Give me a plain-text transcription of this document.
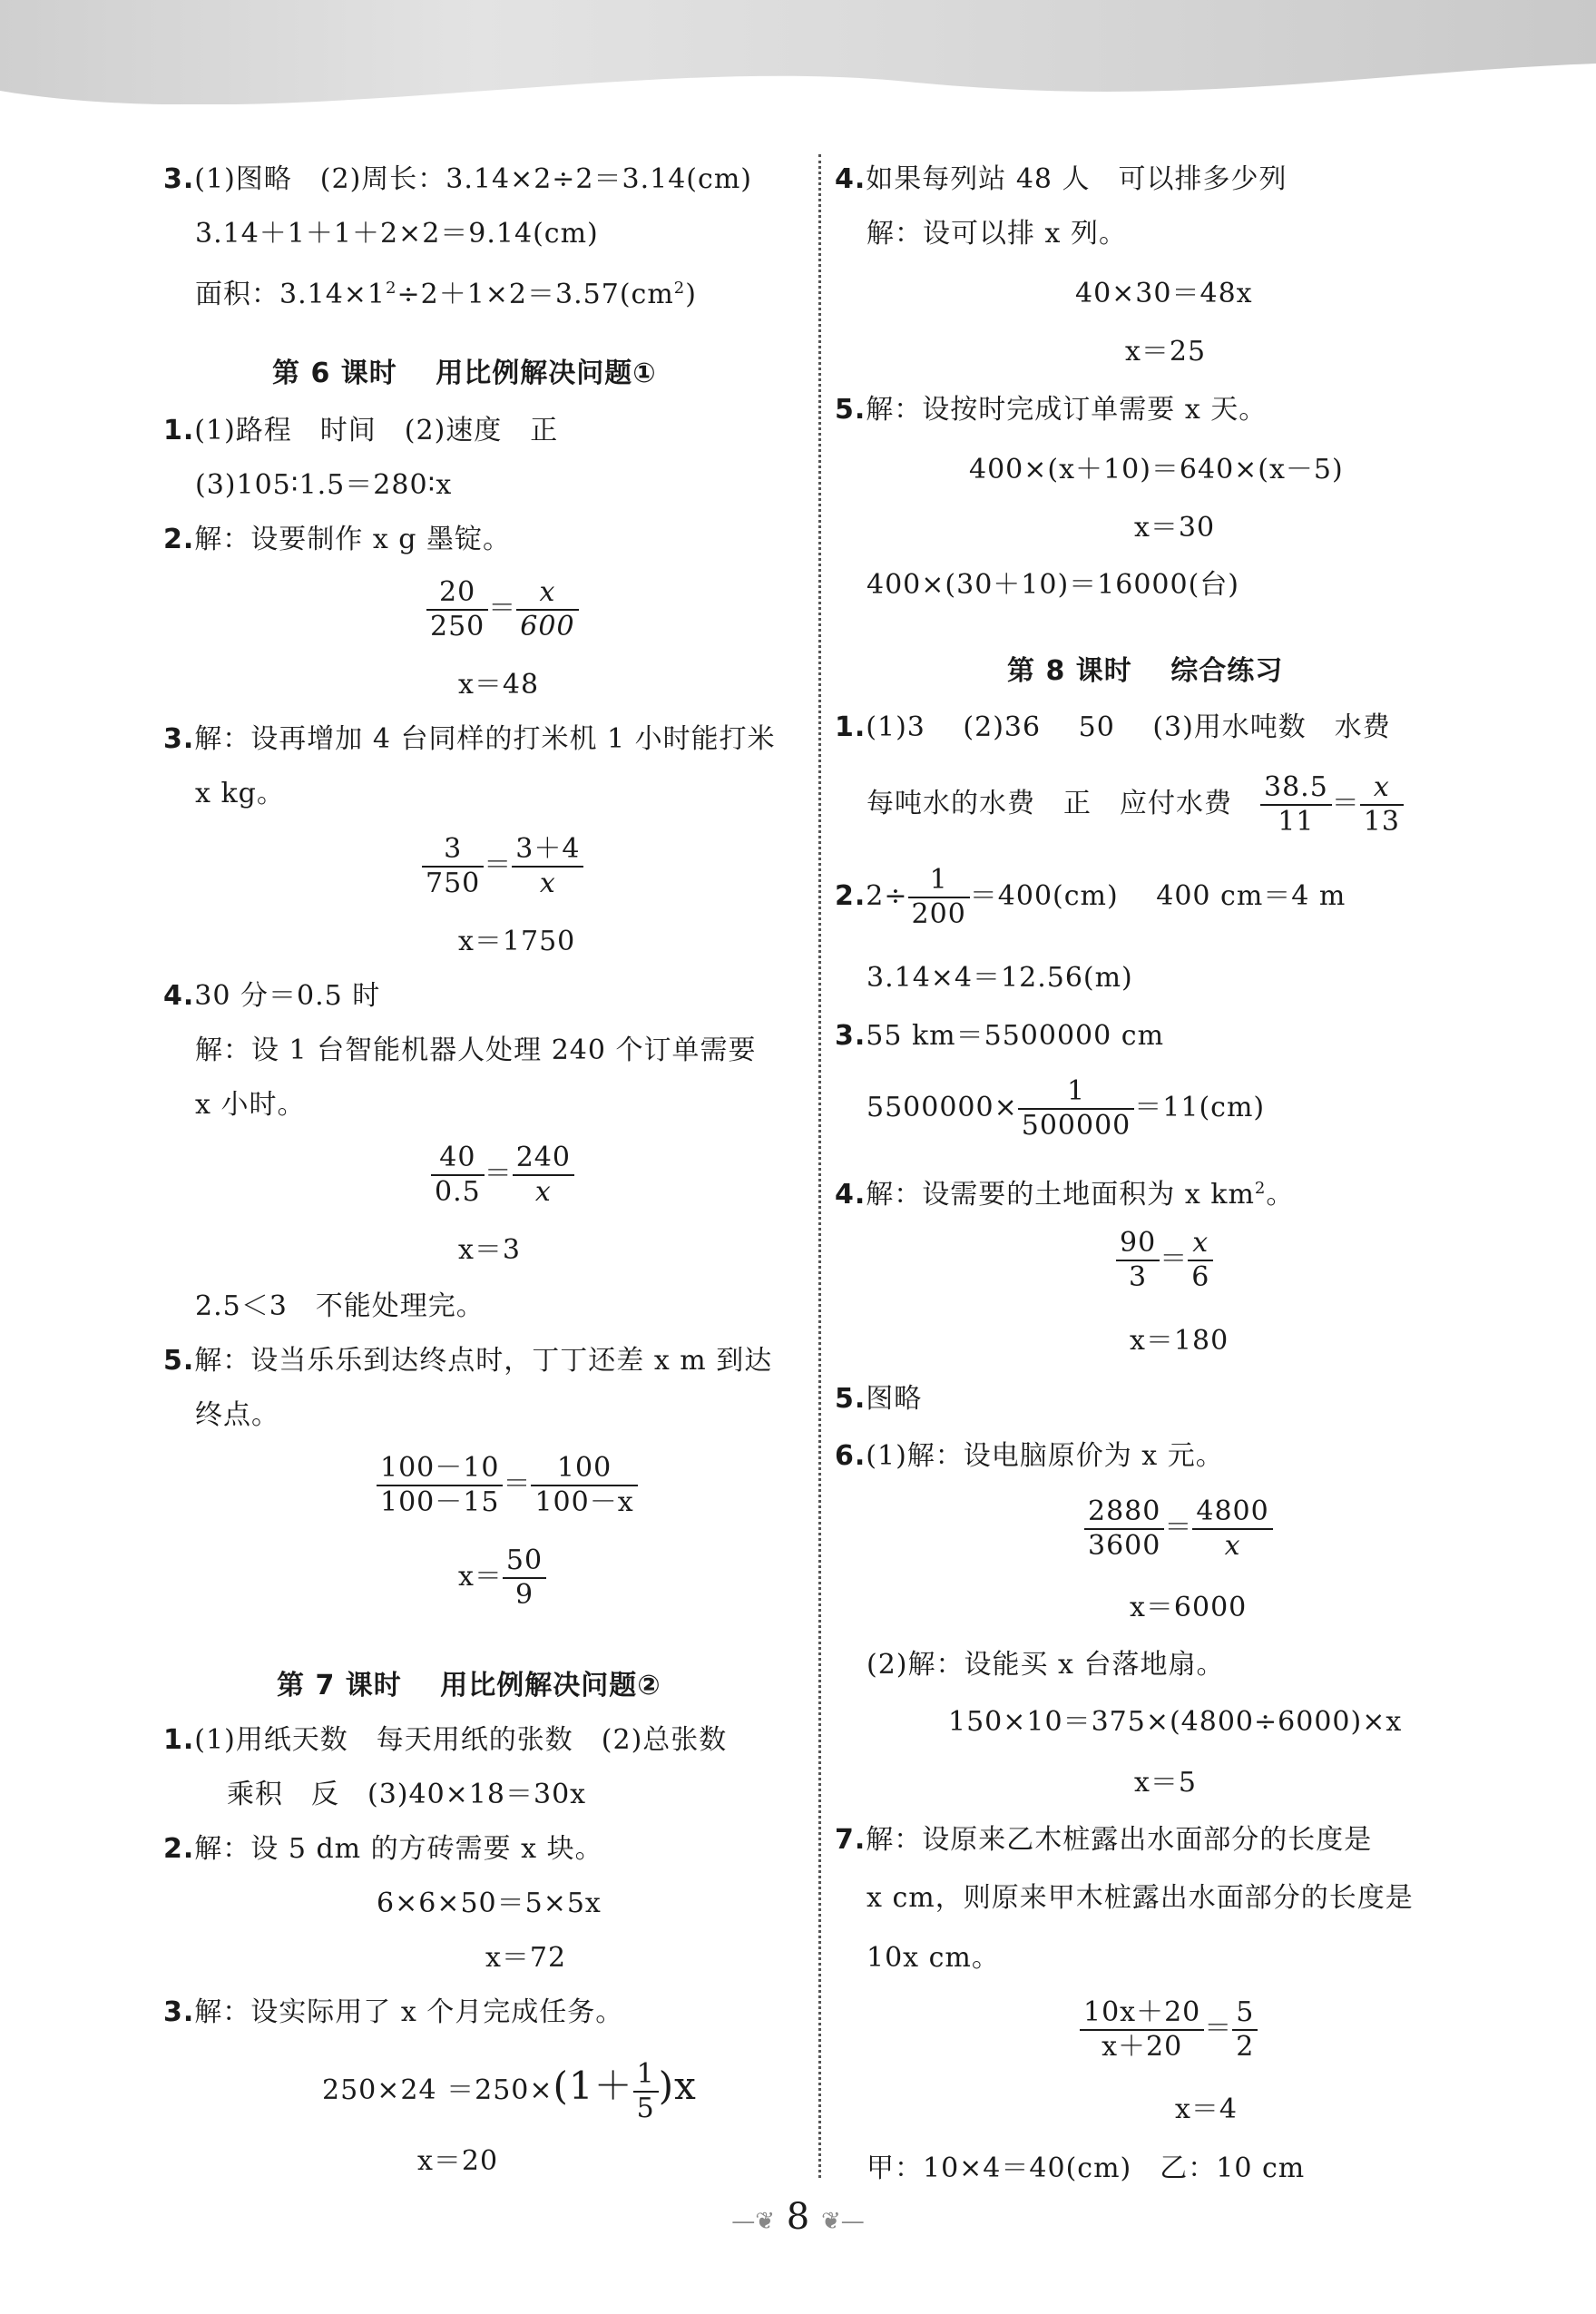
3.(1)图略　(2)周长：3.14×2÷2＝3.14(cm)
3.14＋1＋1＋2×2＝9.14(cm)
面积：$3.14\times 1^2\div 2+1\times 2=3.57(cm^2)$
第 6 课时　 用比例解决问题①
1.(1)路程　时间　(2)速度　正
(3)105∶1.5＝280∶x
2.解：设要制作 x g 墨锭。
$\frac{20}{250} = \frac{x}{600}$
x＝48
3.解：设再增加 4 台同样的打米机 1 小时能打米
x kg。
$\frac{3}{750} = \frac{3+4}{x}$
x＝1750
4.30 分＝0.5 时
解：设 1 台智能机器人处理 240 个订单需要
x 小时。
$\frac{40}{0.5} = \frac{240}{x}$
x＝3
2.5＜3　不能处理完。
5.解：设当乐乐到达终点时，丁丁还差 x m 到达
终点。
$\frac{100-10}{100-15} = \frac{100}{100-x}$
$x= \frac{50}{9}$
第 7 课时　 用比例解决问题②
1.(1)用纸天数　每天用纸的张数　(2)总张数
乘积　反　(3)40×18＝30x
2.解：设 5 dm 的方砖需要 x 块。
6×6×50＝5×5x
x＝72
3.解：设实际用了 x 个月完成任务。
$250\times 24 =250\times(1+ \frac{1}{5} )x$
x＝20
4.如果每列站 48 人　可以排多少列
解：设可以排 x 列。
40×30＝48x
x＝25
5.解：设按时完成订单需要 x 天。
400×(x＋10)＝640×(x－5)
x＝30
400×(30＋10)＝16000(台)
第 8 课时　 综合练习
1.(1)3　 (2)36　 50　 (3)用水吨数　水费
每吨水的水费　正　应付水费　 $\frac{38.5}{11} = \frac{x}{13}$
$2.2\div \frac{1}{200} =400(cm)$　 400 cm＝4 m
3.14×4＝12.56(m)
3.55 km＝5500000 cm
$5500000\times \frac{1}{500000} =11(cm)$
4.解：设需要的土地面积为 x $km^2$。
$\frac{90}{3} = \frac{x}{6}$
x＝180
5.图略
6.(1)解：设电脑原价为 x 元。
$\frac{2880}{3600} = \frac{4800}{x}$
x＝6000
(2)解：设能买 x 台落地扇。
150×10＝375×(4800÷6000)×x
x＝5
7.解：设原来乙木桩露出水面部分的长度是
x cm，则原来甲木桩露出水面部分的长度是
10x cm。
$\frac{10x+20}{x+20} = \frac{5}{2}$
x＝4
甲：10×4＝40(cm)　乙：10 cm
—❦ 8 ❦—
